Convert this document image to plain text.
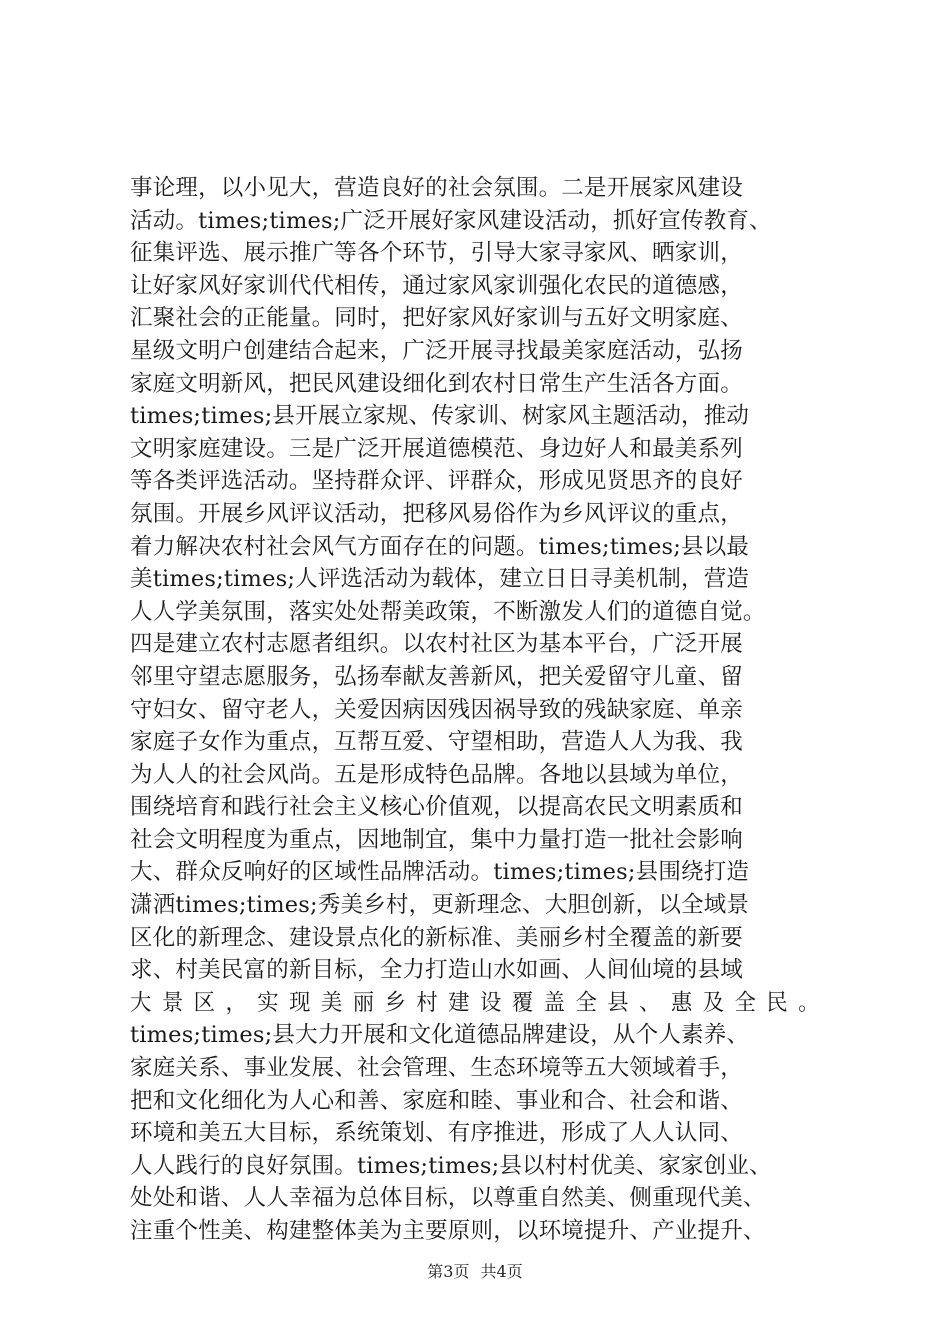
事论理，以小见大，营造良好的社会氛围。二是开展家风建设
活动。times;times;广泛开展好家风建设活动，抓好宣传教育、
征集评选、展示推广等各个环节，引导大家寻家风、晒家训，
让好家风好家训代代相传，通过家风家训强化农民的道德感，
汇聚社会的正能量。同时，把好家风好家训与五好文明家庭、
星级文明户创建结合起来，广泛开展寻找最美家庭活动，弘扬
家庭文明新风，把民风建设细化到农村日常生产生活各方面。
times;times;县开展立家规、传家训、树家风主题活动，推动
文明家庭建设。三是广泛开展道德模范、身边好人和最美系列
等各类评选活动。坚持群众评、评群众，形成见贤思齐的良好
氛围。开展乡风评议活动，把移风易俗作为乡风评议的重点，
着力解决农村社会风气方面存在的问题。times;times;县以最
美times;times;人评选活动为载体，建立日日寻美机制，营造
人人学美氛围，落实处处帮美政策，不断激发人们的道德自觉。
四是建立农村志愿者组织。以农村社区为基本平台，广泛开展
邻里守望志愿服务，弘扬奉献友善新风，把关爱留守儿童、留
守妇女、留守老人，关爱因病因残因祸导致的残缺家庭、单亲
家庭子女作为重点，互帮互爱、守望相助，营造人人为我、我
为人人的社会风尚。五是形成特色品牌。各地以县域为单位，
围绕培育和践行社会主义核心价值观，以提高农民文明素质和
社会文明程度为重点，因地制宜，集中力量打造一批社会影响
大、群众反响好的区域性品牌活动。times;times;县围绕打造
潇洒times;times;秀美乡村，更新理念、大胆创新，以全域景
区化的新理念、建设景点化的新标准、美丽乡村全覆盖的新要
求、村美民富的新目标，全力打造山水如画、人间仙境的县域
大景区，实现美丽乡村建设覆盖全县、惠及全民。
times;times;县大力开展和文化道德品牌建设，从个人素养、
家庭关系、事业发展、社会管理、生态环境等五大领域着手，
把和文化细化为人心和善、家庭和睦、事业和合、社会和谐、
环境和美五大目标，系统策划、有序推进，形成了人人认同、
人人践行的良好氛围。times;times;县以村村优美、家家创业、
处处和谐、人人幸福为总体目标，以尊重自然美、侧重现代美、
注重个性美、构建整体美为主要原则，以环境提升、产业提升、
第3页 共4页
